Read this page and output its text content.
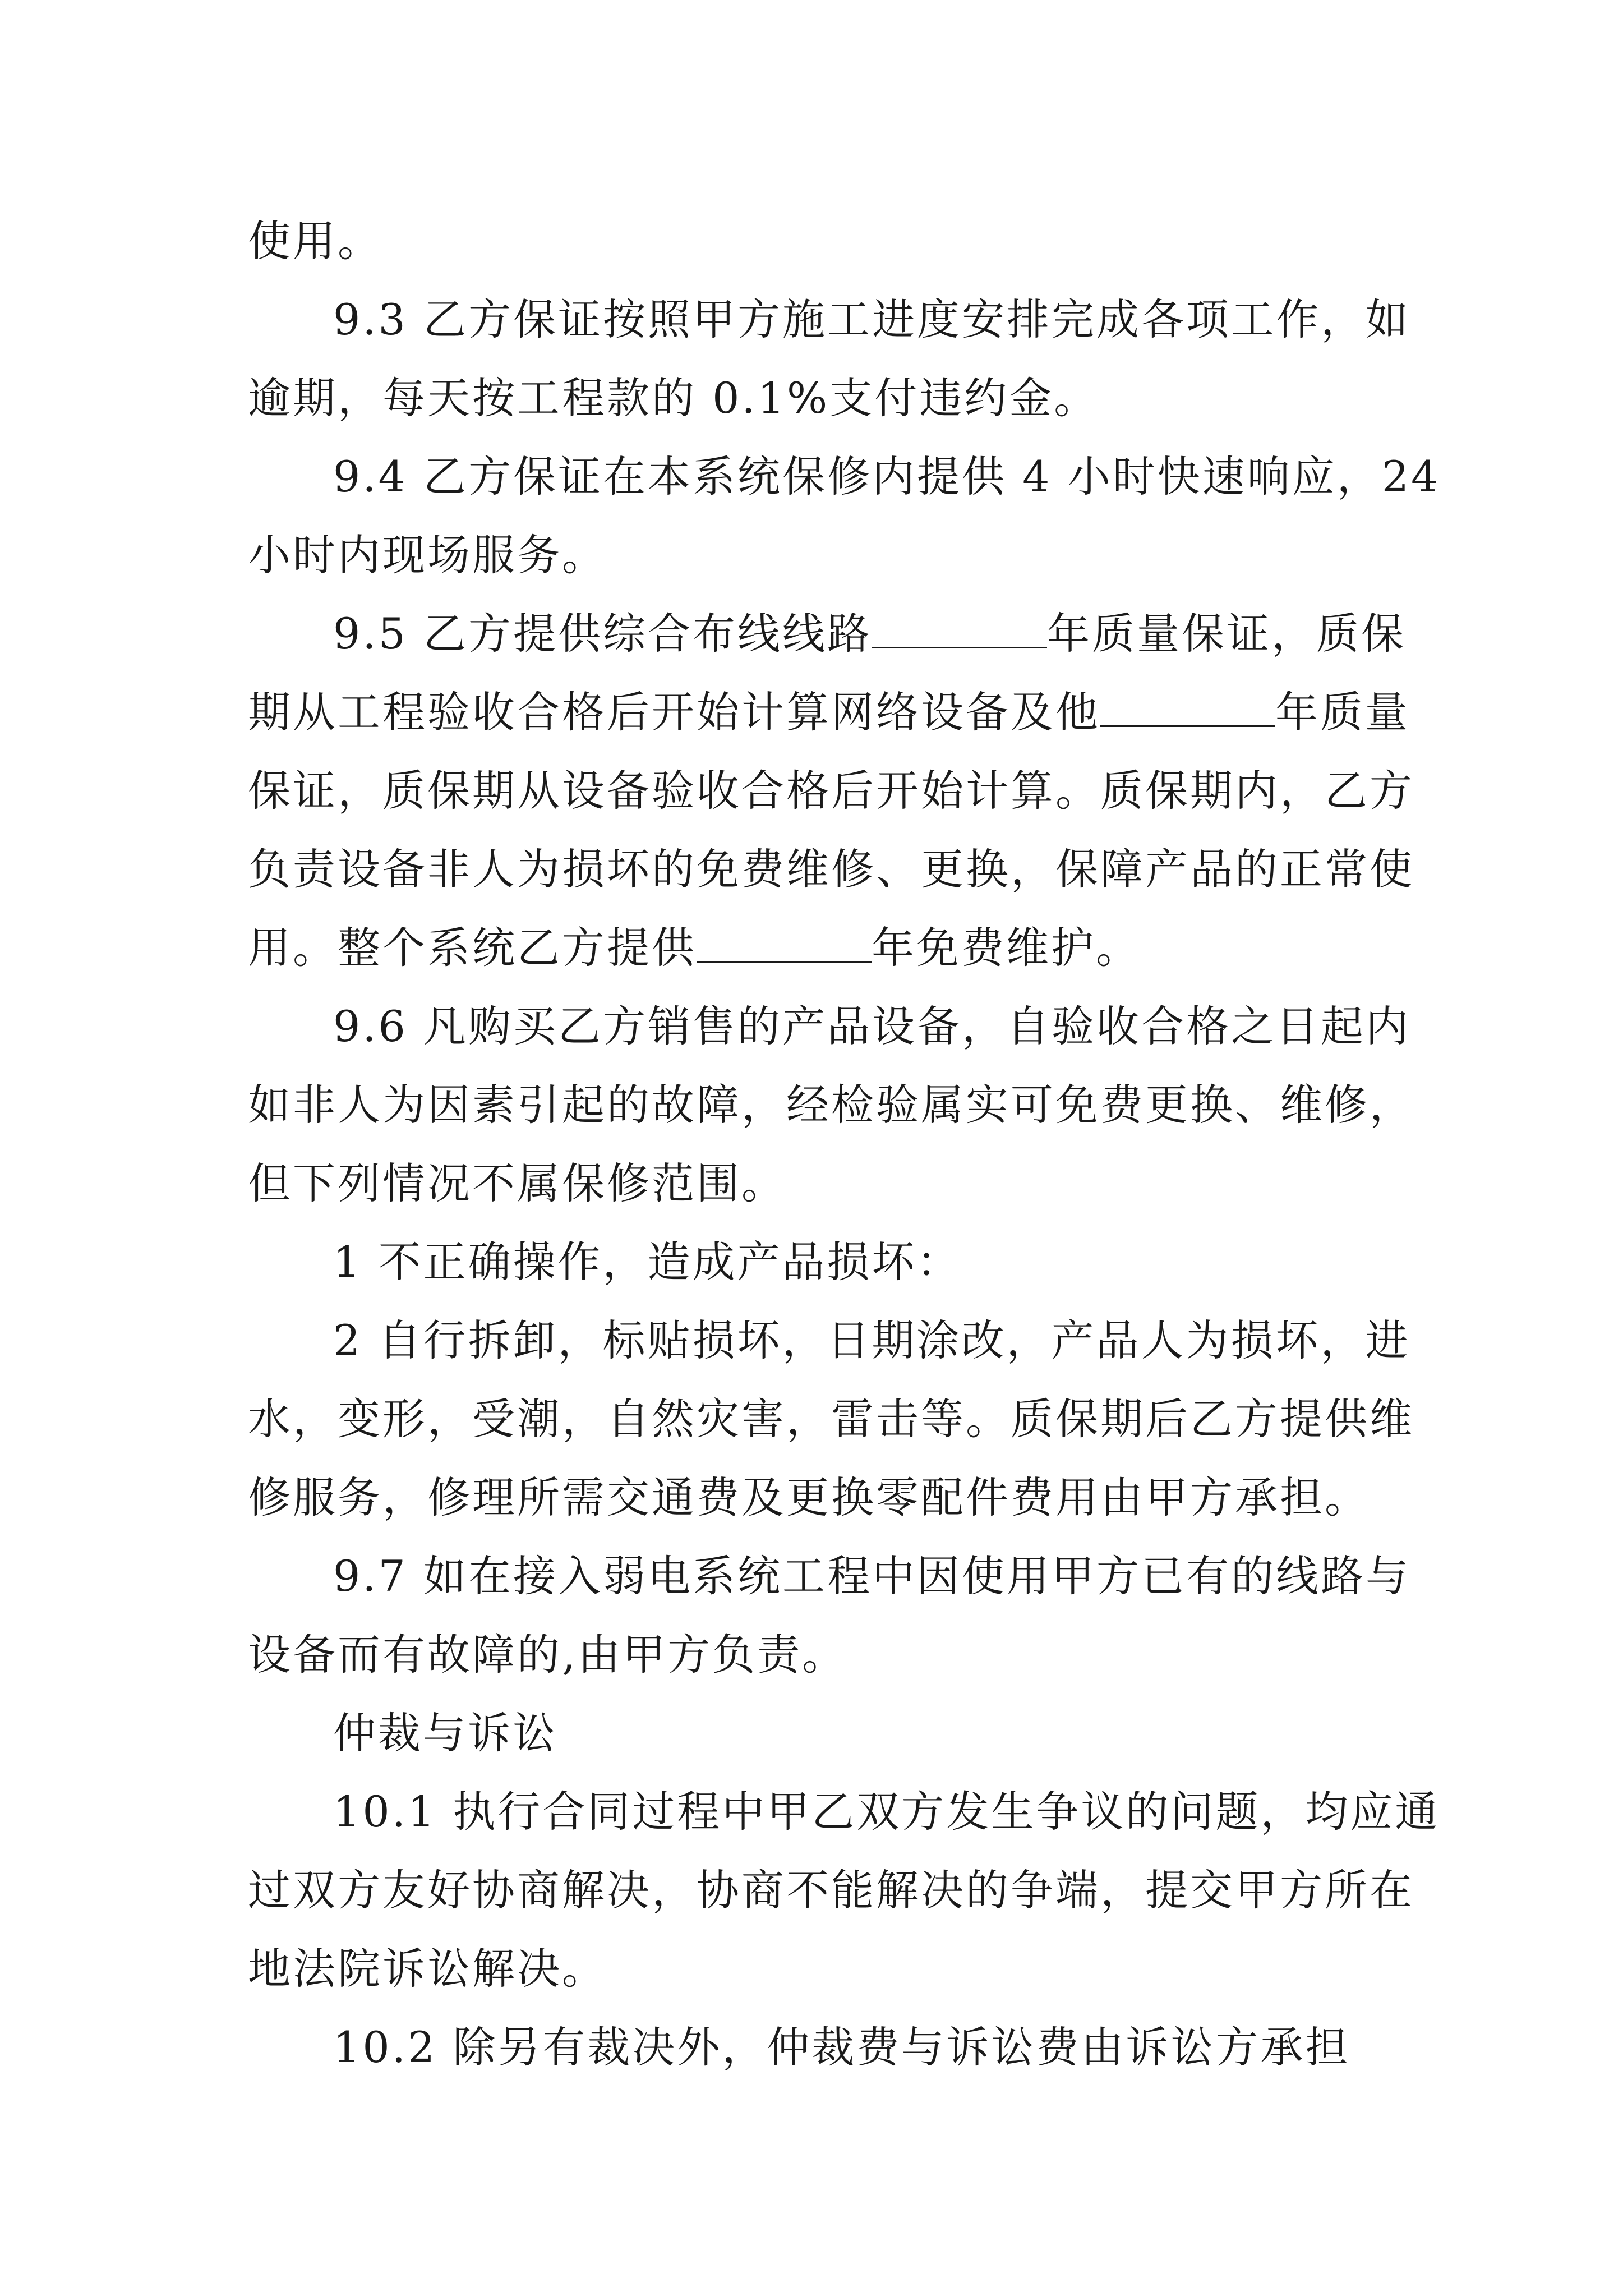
使用。
9.3 乙方保证按照甲方施工进度安排完成各项工作，如
逾期，每天按工程款的 0.1%支付违约金。
9.4 乙方保证在本系统保修内提供 4 小时快速响应，24
小时内现场服务。
9.5 乙方提供综合布线线路	年质量保证，质保
期从工程验收合格后开始计算网络设备及他	年质量
保证，质保期从设备验收合格后开始计算。质保期内，乙方
负责设备非人为损坏的免费维修、更换，保障产品的正常使
用。整个系统乙方提供	年免费维护。
9.6 凡购买乙方销售的产品设备，自验收合格之日起内
如非人为因素引起的故障，经检验属实可免费更换、维修，
但下列情况不属保修范围。
1 不正确操作，造成产品损坏：
2 自行拆卸，标贴损坏，日期涂改，产品人为损坏，进
水，变形，受潮，自然灾害，雷击等。质保期后乙方提供维
修服务，修理所需交通费及更换零配件费用由甲方承担。
9.7 如在接入弱电系统工程中因使用甲方已有的线路与
设备而有故障的,由甲方负责。
仲裁与诉讼
10.1 执行合同过程中甲乙双方发生争议的问题，均应通
过双方友好协商解决，协商不能解决的争端，提交甲方所在
地法院诉讼解决。
10.2 除另有裁决外，仲裁费与诉讼费由诉讼方承担
